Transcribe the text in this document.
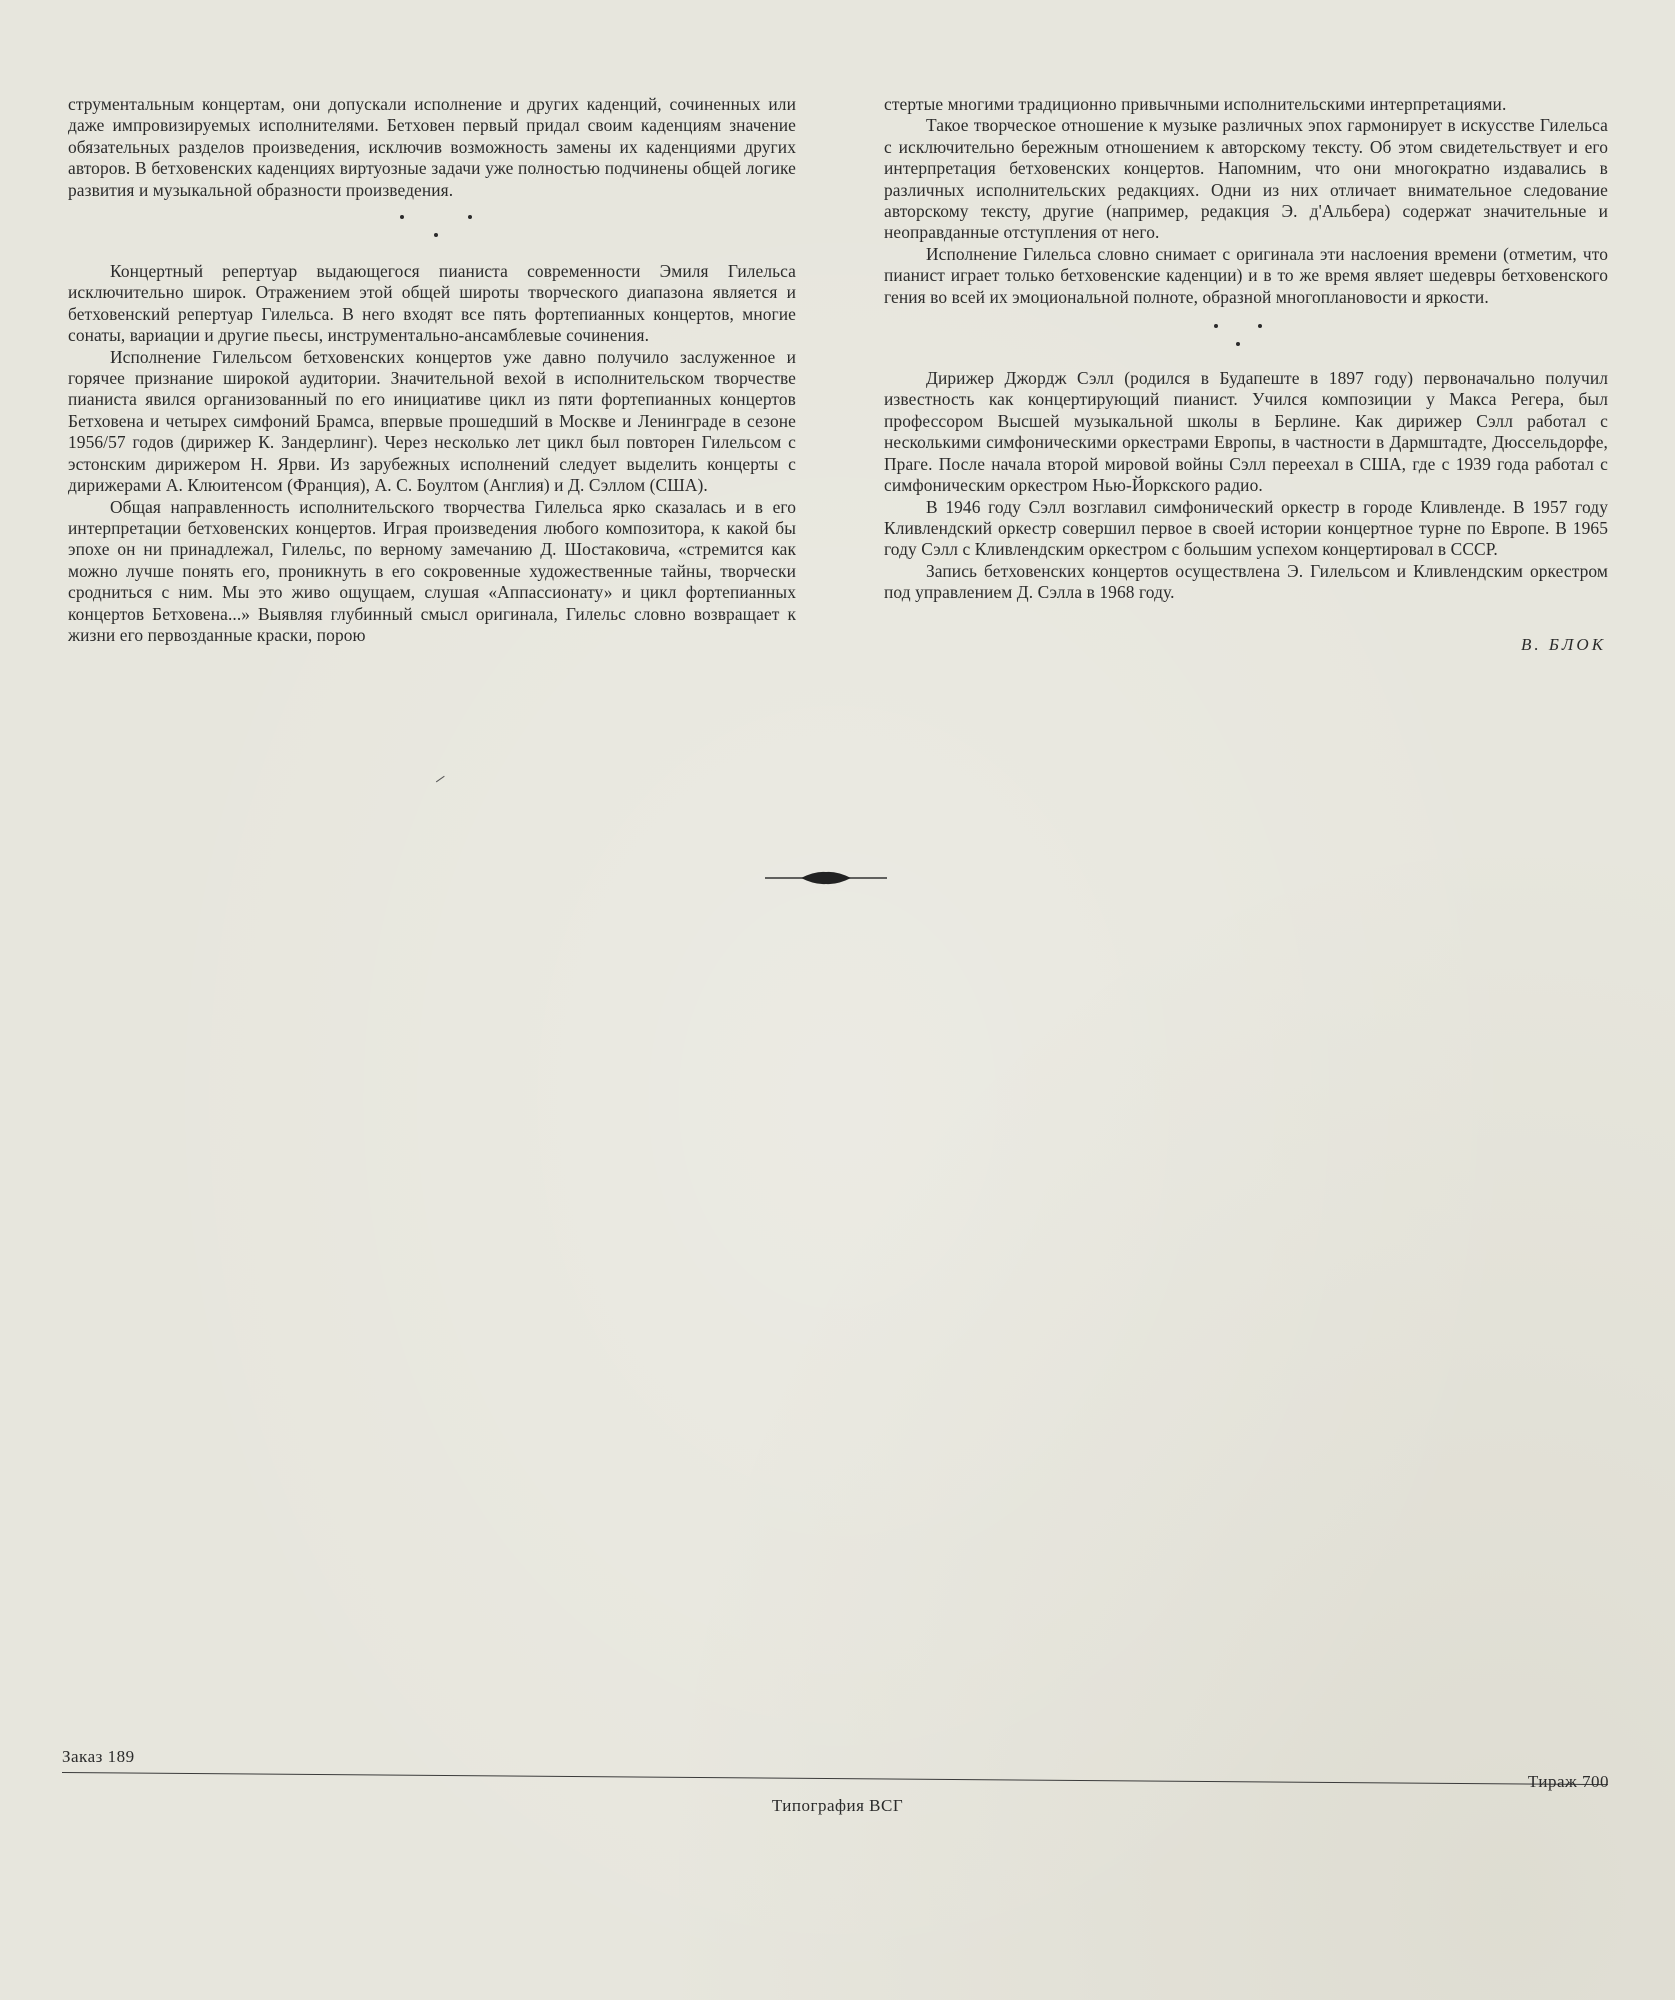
струментальным концертам, они допускали исполнение и других каденций, сочиненных или даже импровизируемых исполнителями. Бетховен первый придал своим каденциям значение обязательных разделов произведения, исключив возможность замены их каденциями других авторов. В бетховенских каденциях виртуозные задачи уже полностью подчинены общей логике развития и музыкальной образности произведения.

Концертный репертуар выдающегося пианиста современности Эмиля Гилельса исключительно широк. Отражением этой общей широты творческого диапазона является и бетховенский репертуар Гилельса. В него входят все пять фортепианных концертов, многие сонаты, вариации и другие пьесы, инструментально-ансамблевые сочинения.

Исполнение Гилельсом бетховенских концертов уже давно получило заслуженное и горячее признание широкой аудитории. Значительной вехой в исполнительском творчестве пианиста явился организованный по его инициативе цикл из пяти фортепианных концертов Бетховена и четырех симфоний Брамса, впервые прошедший в Москве и Ленинграде в сезоне 1956/57 годов (дирижер К. Зандерлинг). Через несколько лет цикл был повторен Гилельсом с эстонским дирижером Н. Ярви. Из зарубежных исполнений следует выделить концерты с дирижерами А. Клюитенсом (Франция), А. С. Боултом (Англия) и Д. Сэллом (США).

Общая направленность исполнительского творчества Гилельса ярко сказалась и в его интерпретации бетховенских концертов. Играя произведения любого композитора, к какой бы эпохе он ни принадлежал, Гилельс, по верному замечанию Д. Шостаковича, «стремится как можно лучше понять его, проникнуть в его сокровенные художественные тайны, творчески сродниться с ним. Мы это живо ощущаем, слушая «Аппассионату» и цикл фортепианных концертов Бетховена...» Выявляя глубинный смысл оригинала, Гилельс словно возвращает к жизни его первозданные краски, порою

стертые многими традиционно привычными исполнительскими интерпретациями.

Такое творческое отношение к музыке различных эпох гармонирует в искусстве Гилельса с исключительно бережным отношением к авторскому тексту. Об этом свидетельствует и его интерпретация бетховенских концертов. Напомним, что они многократно издавались в различных исполнительских редакциях. Одни из них отличает внимательное следование авторскому тексту, другие (например, редакция Э. д'Альбера) содержат значительные и неоправданные отступления от него.

Исполнение Гилельса словно снимает с оригинала эти наслоения времени (отметим, что пианист играет только бетховенские каденции) и в то же время являет шедевры бетховенского гения во всей их эмоциональной полноте, образной многоплановости и яркости.

Дирижер Джордж Сэлл (родился в Будапеште в 1897 году) первоначально получил известность как концертирующий пианист. Учился композиции у Макса Регера, был профессором Высшей музыкальной школы в Берлине. Как дирижер Сэлл работал с несколькими симфоническими оркестрами Европы, в частности в Дармштадте, Дюссельдорфе, Праге. После начала второй мировой войны Сэлл переехал в США, где с 1939 года работал с симфоническим оркестром Нью-Йоркского радио.

В 1946 году Сэлл возглавил симфонический оркестр в городе Кливленде. В 1957 году Кливлендский оркестр совершил первое в своей истории концертное турне по Европе. В 1965 году Сэлл с Кливлендским оркестром с большим успехом концертировал в СССР.

Запись бетховенских концертов осуществлена Э. Гилельсом и Кливлендским оркестром под управлением Д. Сэлла в 1968 году.

В. БЛОК
Заказ 189
Тираж 700
Типография ВСГ
